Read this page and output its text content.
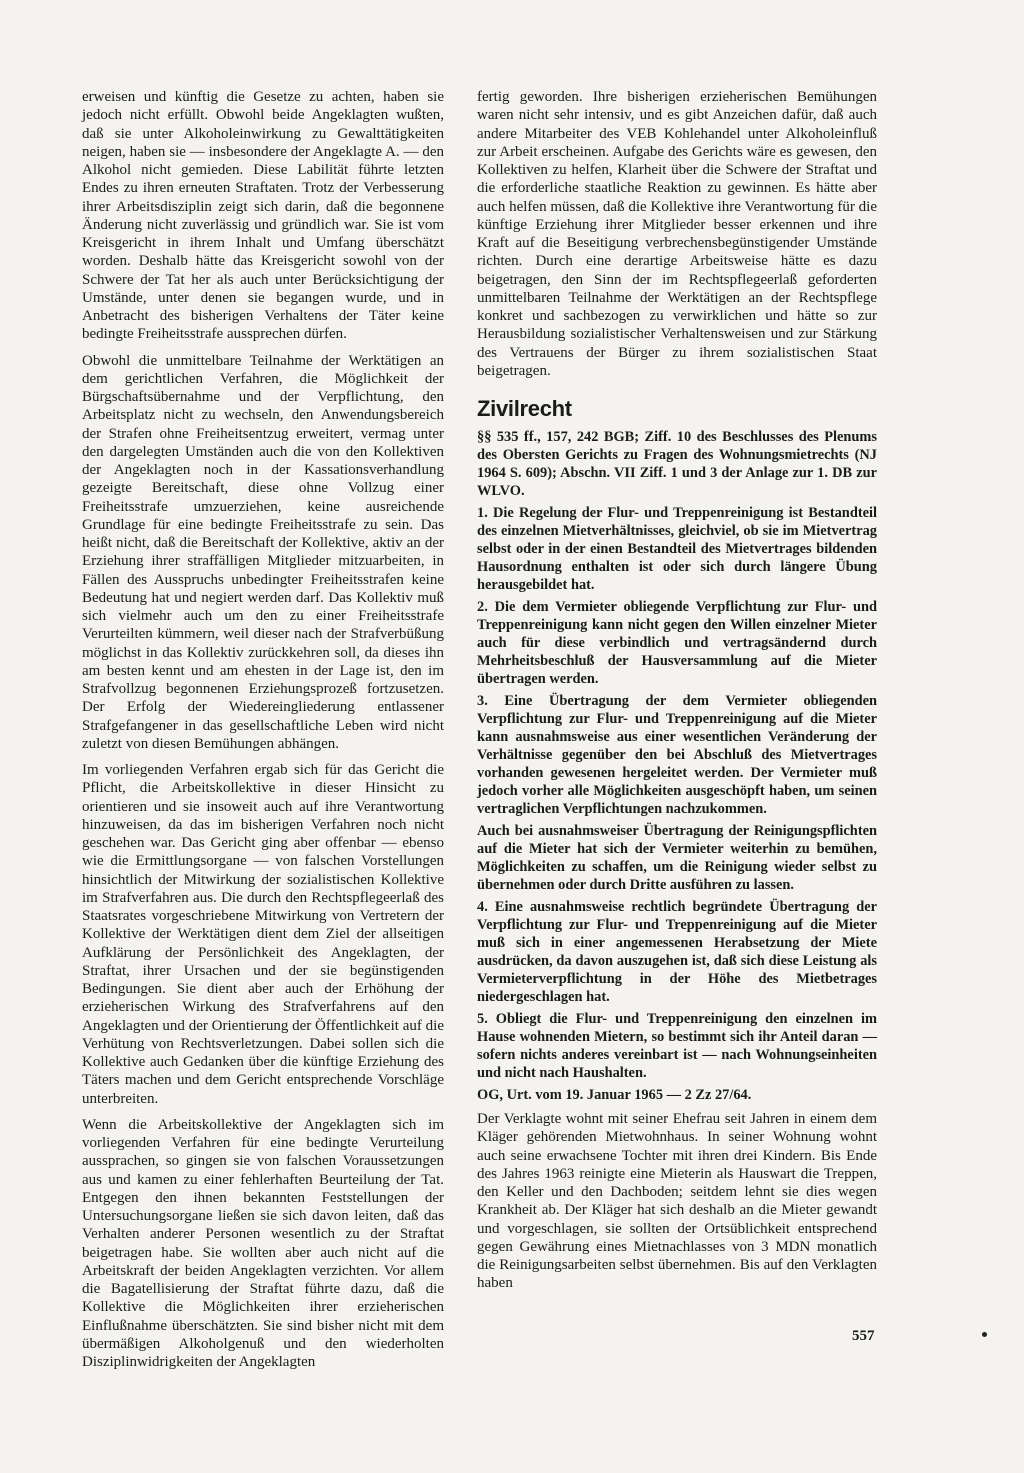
erweisen und künftig die Gesetze zu achten, haben sie jedoch nicht erfüllt. Obwohl beide Angeklagten wußten, daß sie unter Alkoholeinwirkung zu Gewalttätigkeiten neigen, haben sie — insbesondere der Angeklagte A. — den Alkohol nicht gemieden. Diese Labilität führte letzten Endes zu ihren erneuten Straftaten. Trotz der Verbesserung ihrer Arbeitsdisziplin zeigt sich darin, daß die begonnene Änderung nicht zuverlässig und gründlich war. Sie ist vom Kreisgericht in ihrem Inhalt und Umfang überschätzt worden. Deshalb hätte das Kreisgericht sowohl von der Schwere der Tat her als auch unter Berücksichtigung der Umstände, unter denen sie begangen wurde, und in Anbetracht des bisherigen Verhaltens der Täter keine bedingte Freiheitsstrafe aussprechen dürfen.

Obwohl die unmittelbare Teilnahme der Werktätigen an dem gerichtlichen Verfahren, die Möglichkeit der Bürgschaftsübernahme und der Verpflichtung, den Arbeitsplatz nicht zu wechseln, den Anwendungsbereich der Strafen ohne Freiheitsentzug erweitert, vermag unter den dargelegten Umständen auch die von den Kollektiven der Angeklagten noch in der Kassationsverhandlung gezeigte Bereitschaft, diese ohne Vollzug einer Freiheitsstrafe umzuerziehen, keine ausreichende Grundlage für eine bedingte Freiheitsstrafe zu sein. Das heißt nicht, daß die Bereitschaft der Kollektive, aktiv an der Erziehung ihrer straffälligen Mitglieder mitzuarbeiten, in Fällen des Ausspruchs unbedingter Freiheitsstrafen keine Bedeutung hat und negiert werden darf. Das Kollektiv muß sich vielmehr auch um den zu einer Freiheitsstrafe Verurteilten kümmern, weil dieser nach der Strafverbüßung möglichst in das Kollektiv zurückkehren soll, da dieses ihn am besten kennt und am ehesten in der Lage ist, den im Strafvollzug begonnenen Erziehungsprozeß fortzusetzen. Der Erfolg der Wiedereingliederung entlassener Strafgefangener in das gesellschaftliche Leben wird nicht zuletzt von diesen Bemühungen abhängen.

Im vorliegenden Verfahren ergab sich für das Gericht die Pflicht, die Arbeitskollektive in dieser Hinsicht zu orientieren und sie insoweit auch auf ihre Verantwortung hinzuweisen, da das im bisherigen Verfahren noch nicht geschehen war. Das Gericht ging aber offenbar — ebenso wie die Ermittlungsorgane — von falschen Vorstellungen hinsichtlich der Mitwirkung der sozialistischen Kollektive im Strafverfahren aus. Die durch den Rechtspflegeerlaß des Staatsrates vorgeschriebene Mitwirkung von Vertretern der Kollektive der Werktätigen dient dem Ziel der allseitigen Aufklärung der Persönlichkeit des Angeklagten, der Straftat, ihrer Ursachen und der sie begünstigenden Bedingungen. Sie dient aber auch der Erhöhung der erzieherischen Wirkung des Strafverfahrens auf den Angeklagten und der Orientierung der Öffentlichkeit auf die Verhütung von Rechtsverletzungen. Dabei sollen sich die Kollektive auch Gedanken über die künftige Erziehung des Täters machen und dem Gericht entsprechende Vorschläge unterbreiten.

Wenn die Arbeitskollektive der Angeklagten sich im vorliegenden Verfahren für eine bedingte Verurteilung aussprachen, so gingen sie von falschen Voraussetzungen aus und kamen zu einer fehlerhaften Beurteilung der Tat. Entgegen den ihnen bekannten Feststellungen der Untersuchungsorgane ließen sie sich davon leiten, daß das Verhalten anderer Personen wesentlich zu der Straftat beigetragen habe. Sie wollten aber auch nicht auf die Arbeitskraft der beiden Angeklagten verzichten. Vor allem die Bagatellisierung der Straftat führte dazu, daß die Kollektive die Möglichkeiten ihrer erzieherischen Einflußnahme überschätzten. Sie sind bisher nicht mit dem übermäßigen Alkoholgenuß und den wiederholten Disziplinwidrigkeiten der Angeklagten

fertig geworden. Ihre bisherigen erzieherischen Bemühungen waren nicht sehr intensiv, und es gibt Anzeichen dafür, daß auch andere Mitarbeiter des VEB Kohlehandel unter Alkoholeinfluß zur Arbeit erscheinen. Aufgabe des Gerichts wäre es gewesen, den Kollektiven zu helfen, Klarheit über die Schwere der Straftat und die erforderliche staatliche Reaktion zu gewinnen. Es hätte aber auch helfen müssen, daß die Kollektive ihre Verantwortung für die künftige Erziehung ihrer Mitglieder besser erkennen und ihre Kraft auf die Beseitigung verbrechensbegünstigender Umstände richten. Durch eine derartige Arbeitsweise hätte es dazu beigetragen, den Sinn der im Rechtspflegeerlaß geforderten unmittelbaren Teilnahme der Werktätigen an der Rechtspflege konkret und sachbezogen zu verwirklichen und hätte so zur Herausbildung sozialistischer Verhaltensweisen und zur Stärkung des Vertrauens der Bürger zu ihrem sozialistischen Staat beigetragen.

Zivilrecht

§§ 535 ff., 157, 242 BGB; Ziff. 10 des Beschlusses des Plenums des Obersten Gerichts zu Fragen des Wohnungsmietrechts (NJ 1964 S. 609); Abschn. VII Ziff. 1 und 3 der Anlage zur 1. DB zur WLVO.

1. Die Regelung der Flur- und Treppenreinigung ist Bestandteil des einzelnen Mietverhältnisses, gleichviel, ob sie im Mietvertrag selbst oder in der einen Bestandteil des Mietvertrages bildenden Hausordnung enthalten ist oder sich durch längere Übung herausgebildet hat.

2. Die dem Vermieter obliegende Verpflichtung zur Flur- und Treppenreinigung kann nicht gegen den Willen einzelner Mieter auch für diese verbindlich und vertragsändernd durch Mehrheitsbeschluß der Hausversammlung auf die Mieter übertragen werden.

3. Eine Übertragung der dem Vermieter obliegenden Verpflichtung zur Flur- und Treppenreinigung auf die Mieter kann ausnahmsweise aus einer wesentlichen Veränderung der Verhältnisse gegenüber den bei Abschluß des Mietvertrages vorhanden gewesenen hergeleitet werden. Der Vermieter muß jedoch vorher alle Möglichkeiten ausgeschöpft haben, um seinen vertraglichen Verpflichtungen nachzukommen.

Auch bei ausnahmsweiser Übertragung der Reinigungspflichten auf die Mieter hat sich der Vermieter weiterhin zu bemühen, Möglichkeiten zu schaffen, um die Reinigung wieder selbst zu übernehmen oder durch Dritte ausführen zu lassen.

4. Eine ausnahmsweise rechtlich begründete Übertragung der Verpflichtung zur Flur- und Treppenreinigung auf die Mieter muß sich in einer angemessenen Herabsetzung der Miete ausdrücken, da davon auszugehen ist, daß sich diese Leistung als Vermieterverpflichtung in der Höhe des Mietbetrages niedergeschlagen hat.

5. Obliegt die Flur- und Treppenreinigung den einzelnen im Hause wohnenden Mietern, so bestimmt sich ihr Anteil daran — sofern nichts anderes vereinbart ist — nach Wohnungseinheiten und nicht nach Haushalten.

OG, Urt. vom 19. Januar 1965 — 2 Zz 27/64.

Der Verklagte wohnt mit seiner Ehefrau seit Jahren in einem dem Kläger gehörenden Mietwohnhaus. In seiner Wohnung wohnt auch seine erwachsene Tochter mit ihren drei Kindern. Bis Ende des Jahres 1963 reinigte eine Mieterin als Hauswart die Treppen, den Keller und den Dachboden; seitdem lehnt sie dies wegen Krankheit ab. Der Kläger hat sich deshalb an die Mieter gewandt und vorgeschlagen, sie sollten der Ortsüblichkeit entsprechend gegen Gewährung eines Mietnachlasses von 3 MDN monatlich die Reinigungsarbeiten selbst übernehmen. Bis auf den Verklagten haben

557
